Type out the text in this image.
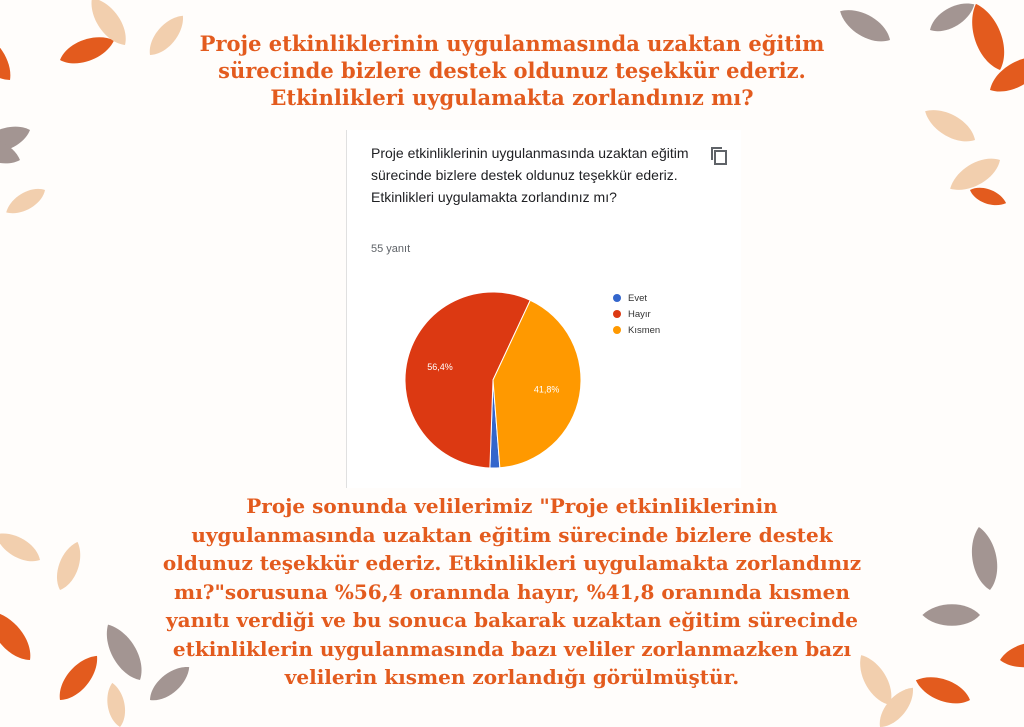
Proje etkinliklerinin uygulanmasında uzaktan eğitim sürecinde bizlere destek oldunuz teşekkür ederiz. Etkinlikleri uygulamakta zorlandınız mı?
Proje etkinliklerinin uygulanmasında uzaktan eğitim sürecinde bizlere destek oldunuz teşekkür ederiz. Etkinlikleri uygulamakta zorlandınız mı?
55 yanıt
56,4%
41,8%
Evet
Hayır
Kısmen
Proje sonunda velilerimiz "Proje etkinliklerinin uygulanmasında uzaktan eğitim sürecinde bizlere destek oldunuz teşekkür ederiz. Etkinlikleri uygulamakta zorlandınız mı?"sorusuna %56,4 oranında hayır, %41,8 oranında kısmen yanıtı verdiği ve bu sonuca bakarak uzaktan eğitim sürecinde etkinliklerin uygulanmasında bazı veliler zorlanmazken bazı velilerin kısmen zorlandığı görülmüştür.
